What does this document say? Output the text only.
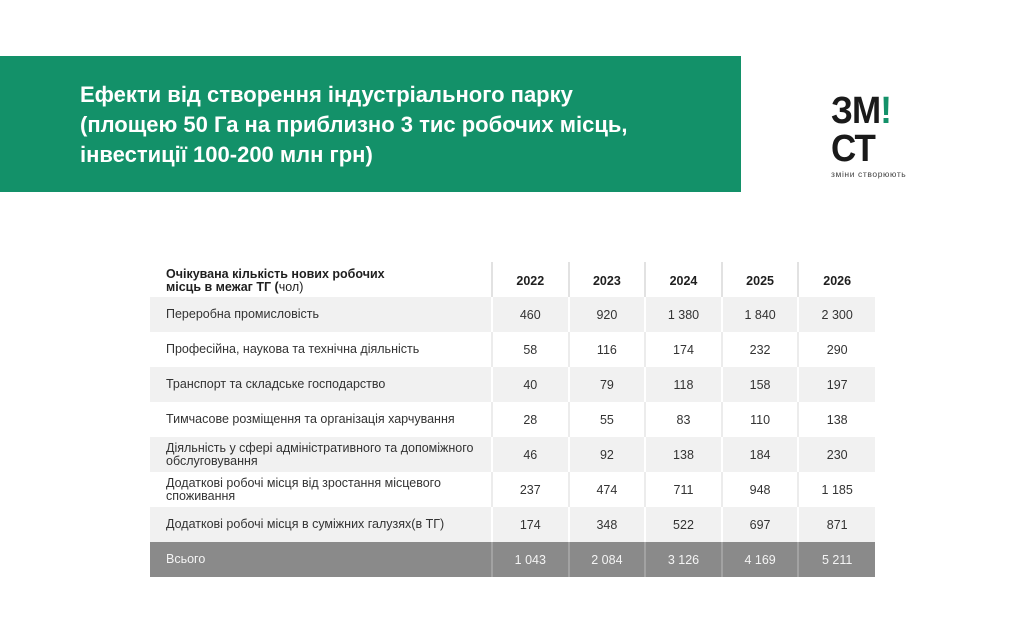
Ефекти від створення індустріального парку
(площею 50 Га на приблизно 3 тис робочих місць,
інвестиції 100-200 млн грн)
ЗМ!СТ
зміни створюють
Очікувана кількість нових робочих
місць в межаг ТГ (чол)	2022	2023	2024	2025	2026
Переробна промисловість	460	920	1 380	1 840	2 300
Професійна, наукова та технічна діяльність	58	116	174	232	290
Транспорт та складське господарство	40	79	118	158	197
Тимчасове розміщення та організація харчування	28	55	83	110	138
Діяльність у сфері адміністративного та допоміжного обслуговування	46	92	138	184	230
Додаткові робочі місця від зростання місцевого споживання	237	474	711	948	1 185
Додаткові робочі місця в суміжних галузях(в ТГ)	174	348	522	697	871
Всього	1 043	2 084	3 126	4 169	5 211
